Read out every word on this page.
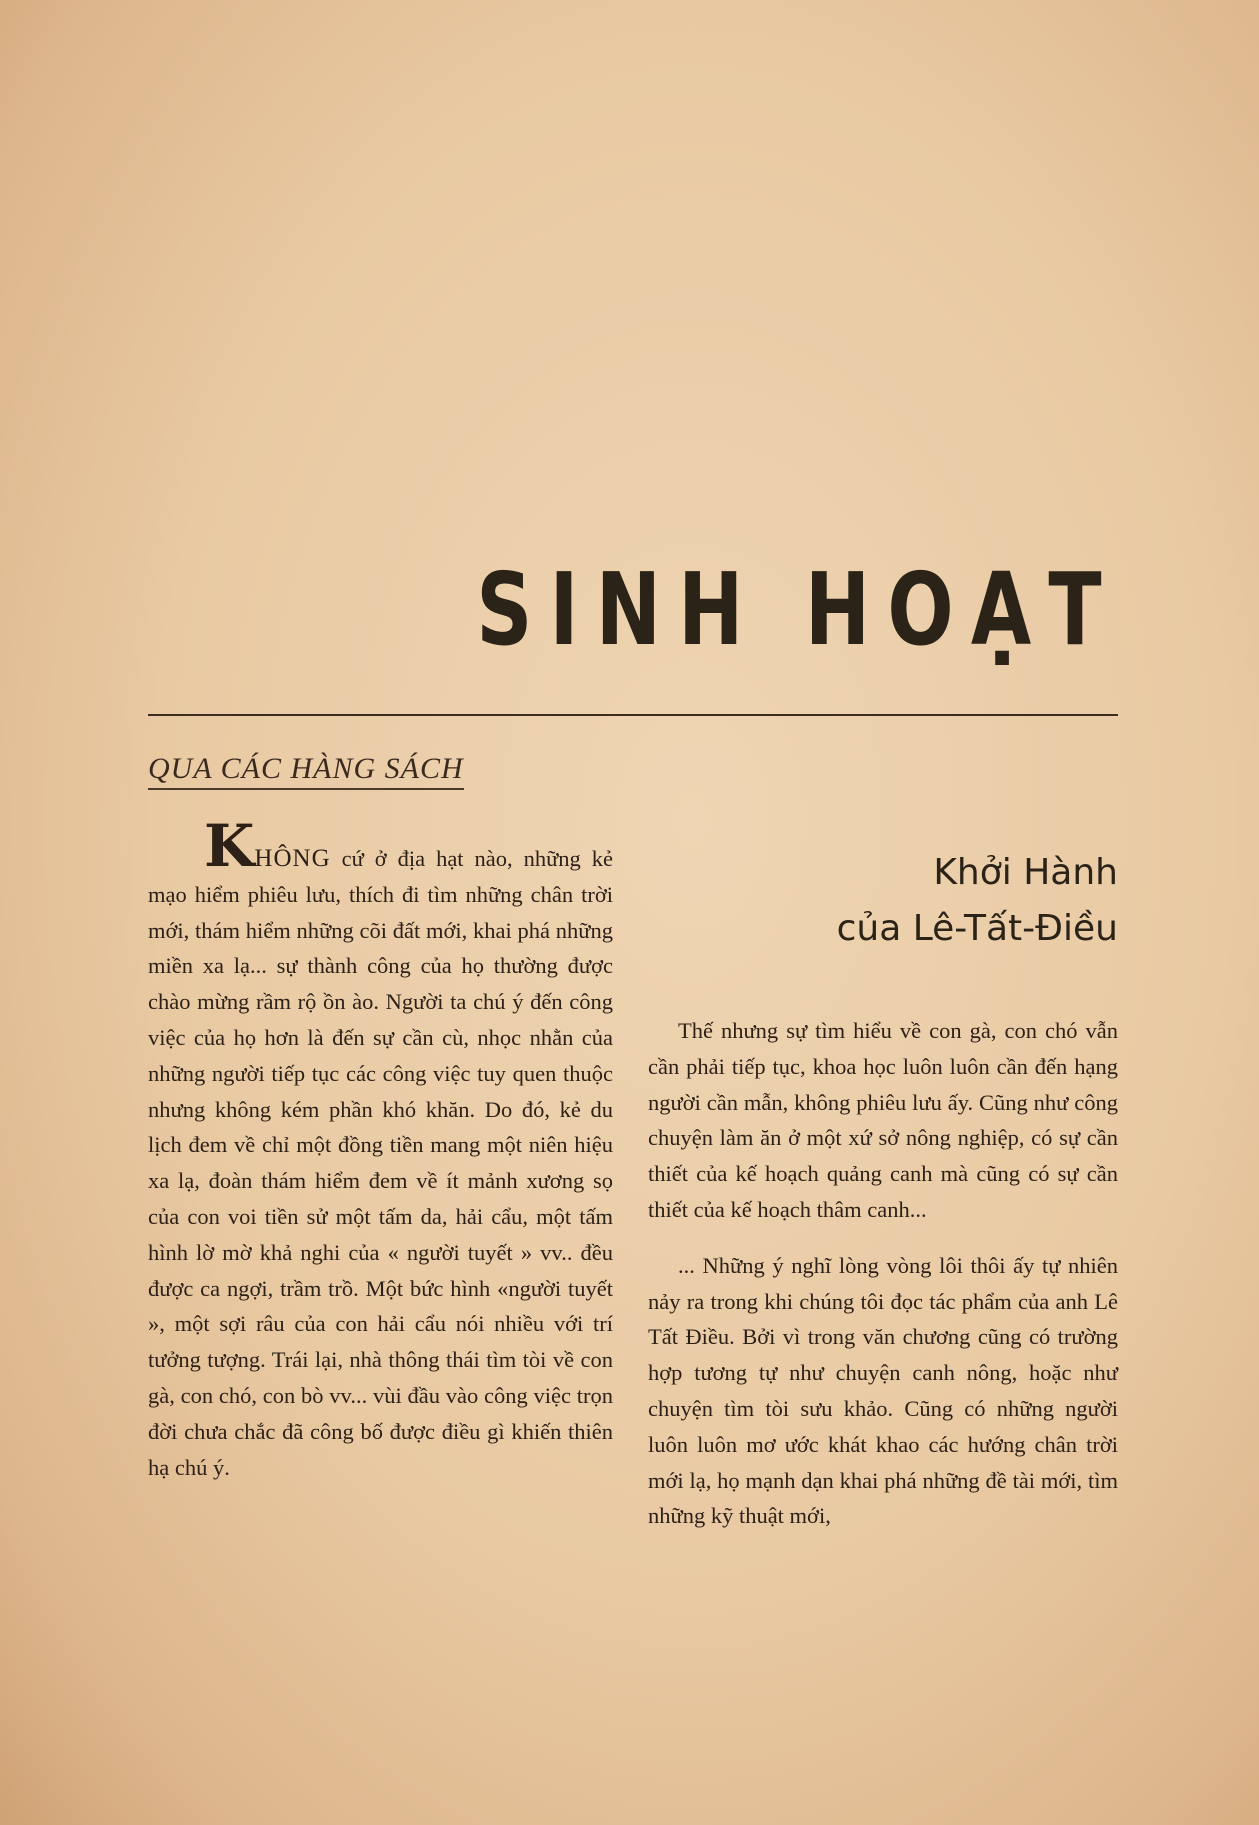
SINH HOẠT
QUA CÁC HÀNG SÁCH

KHÔNG cứ ở địa hạt nào, những kẻ mạo hiểm phiêu lưu, thích đi tìm những chân trời mới, thám hiểm những cõi đất mới, khai phá những miền xa lạ... sự thành công của họ thường được chào mừng rầm rộ ồn ào. Người ta chú ý đến công việc của họ hơn là đến sự cần cù, nhọc nhằn của những người tiếp tục các công việc tuy quen thuộc nhưng không kém phần khó khăn. Do đó, kẻ du lịch đem về chỉ một đồng tiền mang một niên hiệu xa lạ, đoàn thám hiểm đem về ít mảnh xương sọ của con voi tiền sử một tấm da, hải cẩu, một tấm hình lờ mờ khả nghi của « người tuyết » vv.. đều được ca ngợi, trầm trồ. Một bức hình «người tuyết », một sợi râu của con hải cẩu nói nhiều với trí tưởng tượng. Trái lại, nhà thông thái tìm tòi về con gà, con chó, con bò vv... vùi đầu vào công việc trọn đời chưa chắc đã công bố được điều gì khiến thiên hạ chú ý.

Khởi Hành
của Lê-Tất-Điều

Thế nhưng sự tìm hiểu về con gà, con chó vẫn cần phải tiếp tục, khoa học luôn luôn cần đến hạng người cần mẫn, không phiêu lưu ấy. Cũng như công chuyện làm ăn ở một xứ sở nông nghiệp, có sự cần thiết của kế hoạch quảng canh mà cũng có sự cần thiết của kế hoạch thâm canh...

... Những ý nghĩ lòng vòng lôi thôi ấy tự nhiên nảy ra trong khi chúng tôi đọc tác phẩm của anh Lê Tất Điều. Bởi vì trong văn chương cũng có trường hợp tương tự như chuyện canh nông, hoặc như chuyện tìm tòi sưu khảo. Cũng có những người luôn luôn mơ ước khát khao các hướng chân trời mới lạ, họ mạnh dạn khai phá những đề tài mới, tìm những kỹ thuật mới,
